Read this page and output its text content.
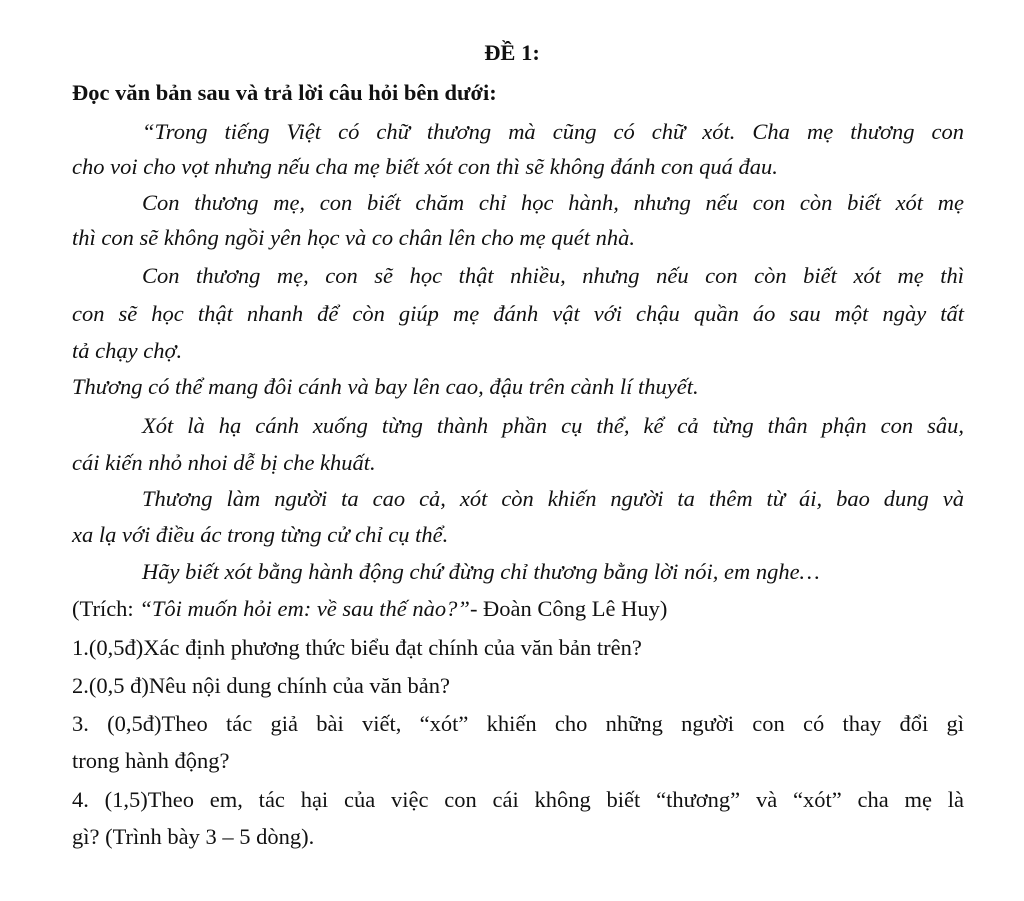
ĐỀ 1:
Đọc văn bản sau và trả lời câu hỏi bên dưới:
“Trong tiếng Việt có chữ thương mà cũng có chữ xót. Cha mẹ thương con
cho voi cho vọt nhưng nếu cha mẹ biết xót con thì sẽ không đánh con quá đau.
Con thương mẹ, con biết chăm chỉ học hành, nhưng nếu con còn biết xót mẹ
thì con sẽ không ngồi yên học và co chân lên cho mẹ quét nhà.
Con thương mẹ, con sẽ học thật nhiều, nhưng nếu con còn biết xót mẹ thì
con sẽ học thật nhanh để còn giúp mẹ đánh vật với chậu quần áo sau một ngày tất
tả chạy chợ.
Thương có thể mang đôi cánh và bay lên cao, đậu trên cành lí thuyết.
Xót là hạ cánh xuống từng thành phần cụ thể, kể cả từng thân phận con sâu,
cái kiến nhỏ nhoi dễ bị che khuất.
Thương làm người ta cao cả, xót còn khiến người ta thêm từ ái, bao dung và
xa lạ với điều ác trong từng cử chỉ cụ thể.
Hãy biết xót bằng hành động chứ đừng chỉ thương bằng lời nói, em nghe…
(Trích: “Tôi muốn hỏi em: về sau thế nào?”- Đoàn Công Lê Huy)
1.(0,5đ)Xác định phương thức biểu đạt chính của văn bản trên?
2.(0,5 đ)Nêu nội dung chính của văn bản?
3. (0,5đ)Theo tác giả bài viết, “xót” khiến cho những người con có thay đổi gì
trong hành động?
4. (1,5)Theo em, tác hại của việc con cái không biết “thương” và “xót” cha mẹ là
gì? (Trình bày 3 – 5 dòng).
